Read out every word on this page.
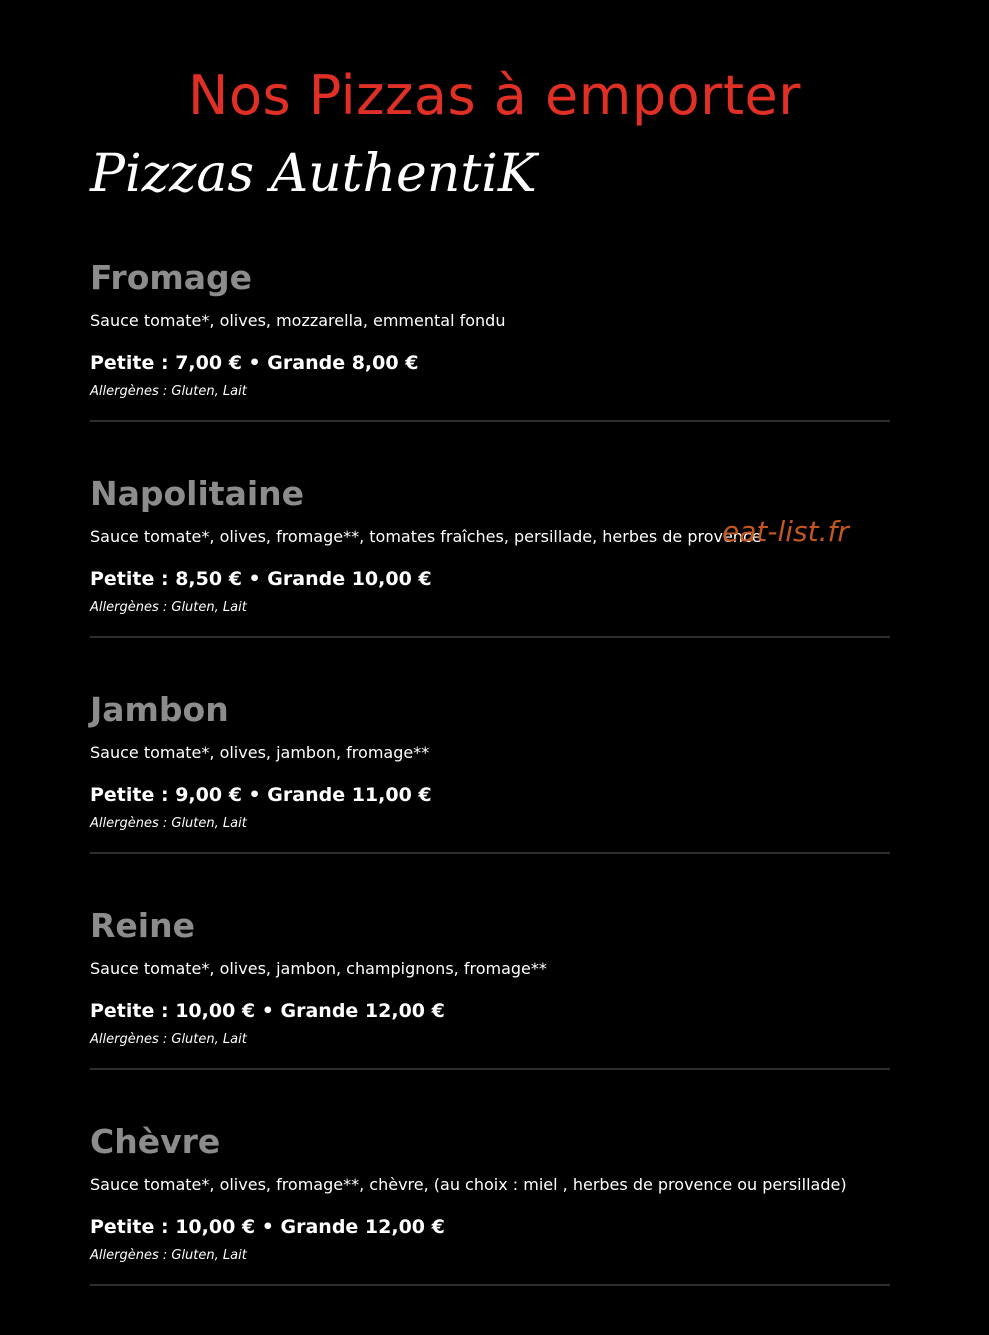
Nos Pizzas à emporter
Pizzas AuthentiK
Fromage
Sauce tomate*, olives, mozzarella, emmental fondu
Petite : 7,00 € • Grande 8,00 €
Allergènes : Gluten, Lait
Napolitaine
Sauce tomate*, olives, fromage**, tomates fraîches, persillade, herbes de provence
Petite : 8,50 € • Grande 10,00 €
Allergènes : Gluten, Lait
Jambon
Sauce tomate*, olives, jambon, fromage**
Petite : 9,00 € • Grande 11,00 €
Allergènes : Gluten, Lait
Reine
Sauce tomate*, olives, jambon, champignons, fromage**
Petite : 10,00 € • Grande 12,00 €
Allergènes : Gluten, Lait
Chèvre
Sauce tomate*, olives, fromage**, chèvre, (au choix : miel , herbes de provence ou persillade)
Petite : 10,00 € • Grande 12,00 €
Allergènes : Gluten, Lait
eat-list.fr
